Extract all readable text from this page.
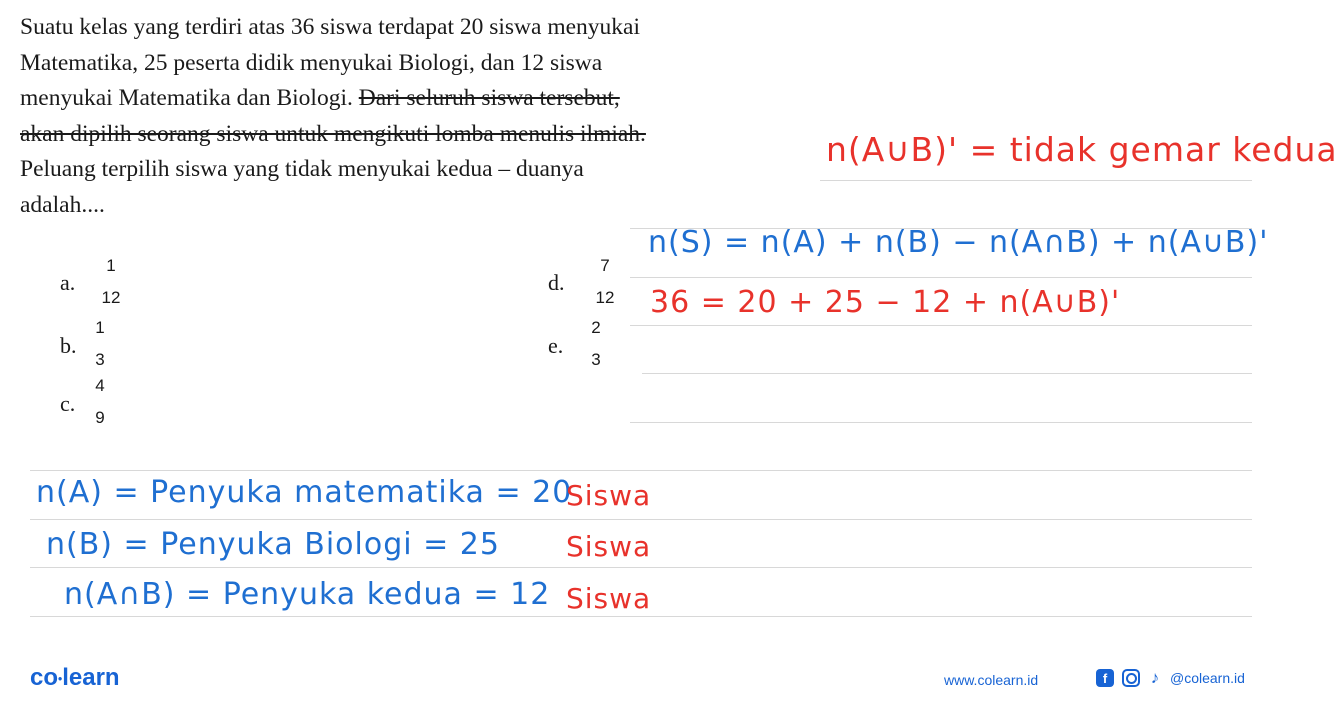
Suatu kelas yang terdiri atas 36 siswa terdapat 20 siswa menyukai
Matematika, 25 peserta didik menyukai Biologi, dan 12 siswa
menyukai Matematika dan Biologi. Dari seluruh siswa tersebut,
akan dipilih seorang siswa untuk mengikuti lomba menulis ilmiah.
Peluang terpilih siswa yang tidak menyukai kedua – duanya
adalah....
a.
1
12
b.
1
3
c.
4
9
d.
7
12
e.
2
3
n(A∪B)' = tidak gemar kedua
n(S) = n(A) + n(B) − n(A∩B) + n(A∪B)'
36 = 20 + 25 − 12 + n(A∪B)'
n(A) = Penyuka matematika = 20
Siswa
n(B) = Penyuka Biologi = 25 Siswa
n(A∩B) = Penyuka kedua = 12 Siswa
co•learn	www.colearn.id	f	♪ @colearn.id
